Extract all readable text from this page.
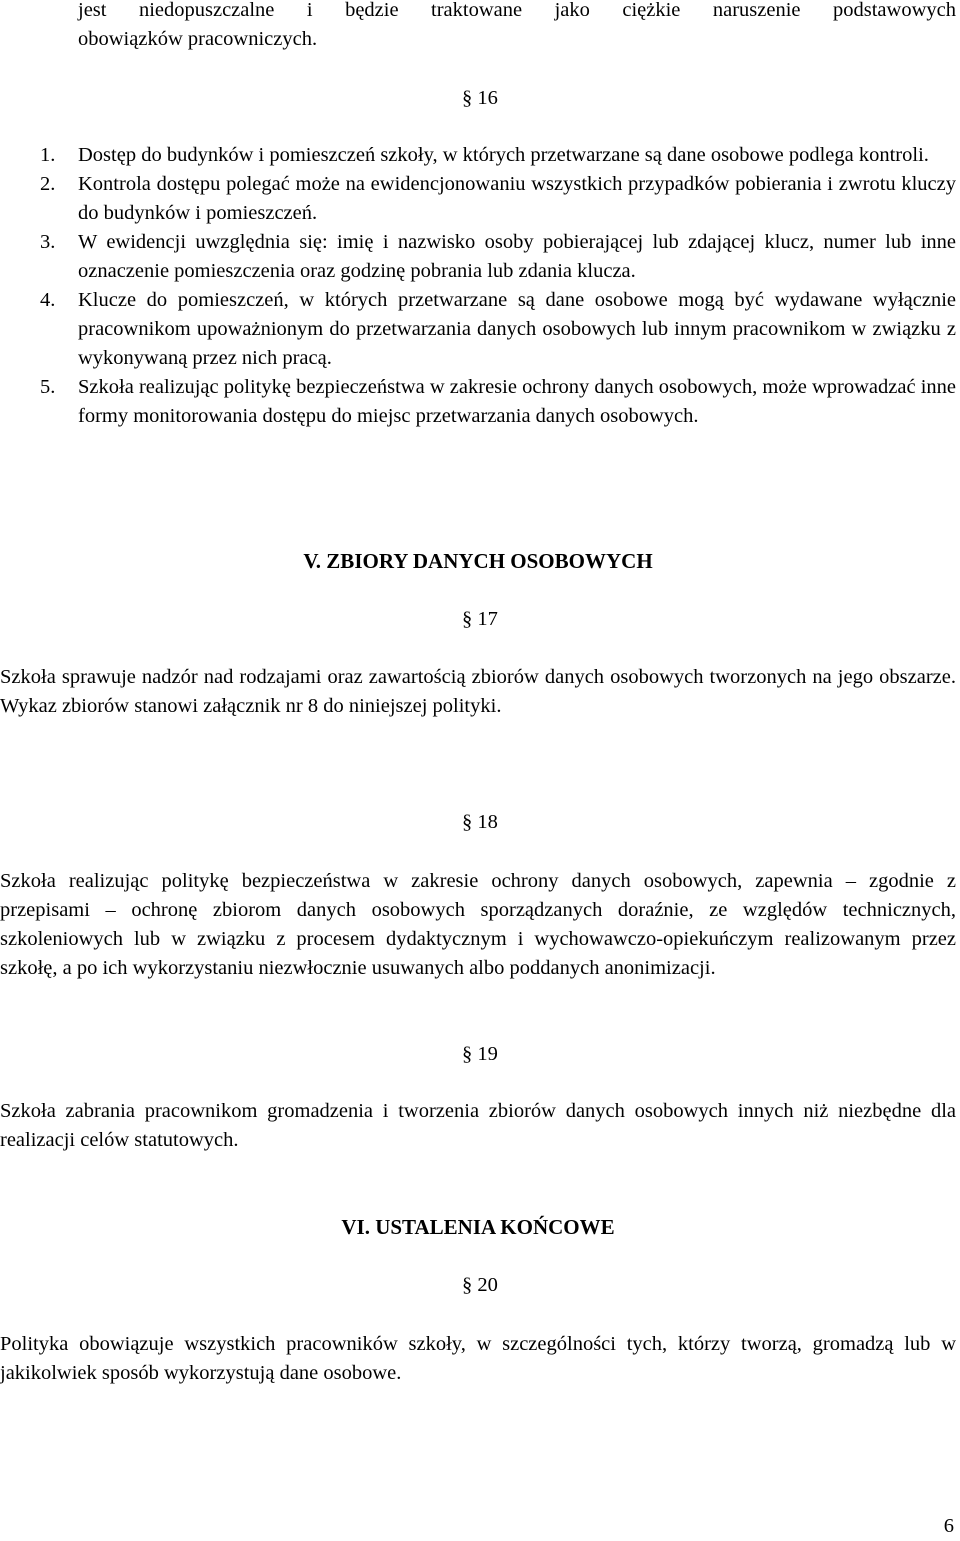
jest niedopuszczalne i będzie traktowane jako ciężkie naruszenie podstawowych

obowiązków pracowniczych.

§ 16

1. Dostęp do budynków i pomieszczeń szkoły, w których przetwarzane są dane osobowe podlega kontroli.

2. Kontrola dostępu polegać może na ewidencjonowaniu wszystkich przypadków pobierania i zwrotu kluczy do budynków i pomieszczeń.

3. W ewidencji uwzględnia się: imię i nazwisko osoby pobierającej lub zdającej klucz, numer lub inne oznaczenie pomieszczenia oraz godzinę pobrania lub zdania klucza.

4. Klucze do pomieszczeń, w których przetwarzane są dane osobowe mogą być wydawane wyłącznie pracownikom upoważnionym do przetwarzania danych osobowych lub innym pracownikom w związku z wykonywaną przez nich pracą.

5. Szkoła realizując politykę bezpieczeństwa w zakresie ochrony danych osobowych, może wprowadzać inne formy monitorowania dostępu do miejsc przetwarzania danych osobowych.

V. ZBIORY DANYCH OSOBOWYCH
§ 17

Szkoła sprawuje nadzór nad rodzajami oraz zawartością zbiorów danych osobowych tworzonych na jego obszarze. Wykaz zbiorów stanowi załącznik nr 8 do niniejszej polityki.

§ 18

Szkoła realizując politykę bezpieczeństwa w zakresie ochrony danych osobowych, zapewnia – zgodnie z przepisami – ochronę zbiorom danych osobowych sporządzanych doraźnie, ze względów technicznych, szkoleniowych lub w związku z procesem dydaktycznym i wychowawczo-opiekuńczym realizowanym przez szkołę, a po ich wykorzystaniu niezwłocznie usuwanych albo poddanych anonimizacji.

§ 19

Szkoła zabrania pracownikom gromadzenia i tworzenia zbiorów danych osobowych innych niż niezbędne dla realizacji celów statutowych.

VI. USTALENIA KOŃCOWE
§ 20

Polityka obowiązuje wszystkich pracowników szkoły, w szczególności tych, którzy tworzą, gromadzą lub w jakikolwiek sposób wykorzystują dane osobowe.

6
